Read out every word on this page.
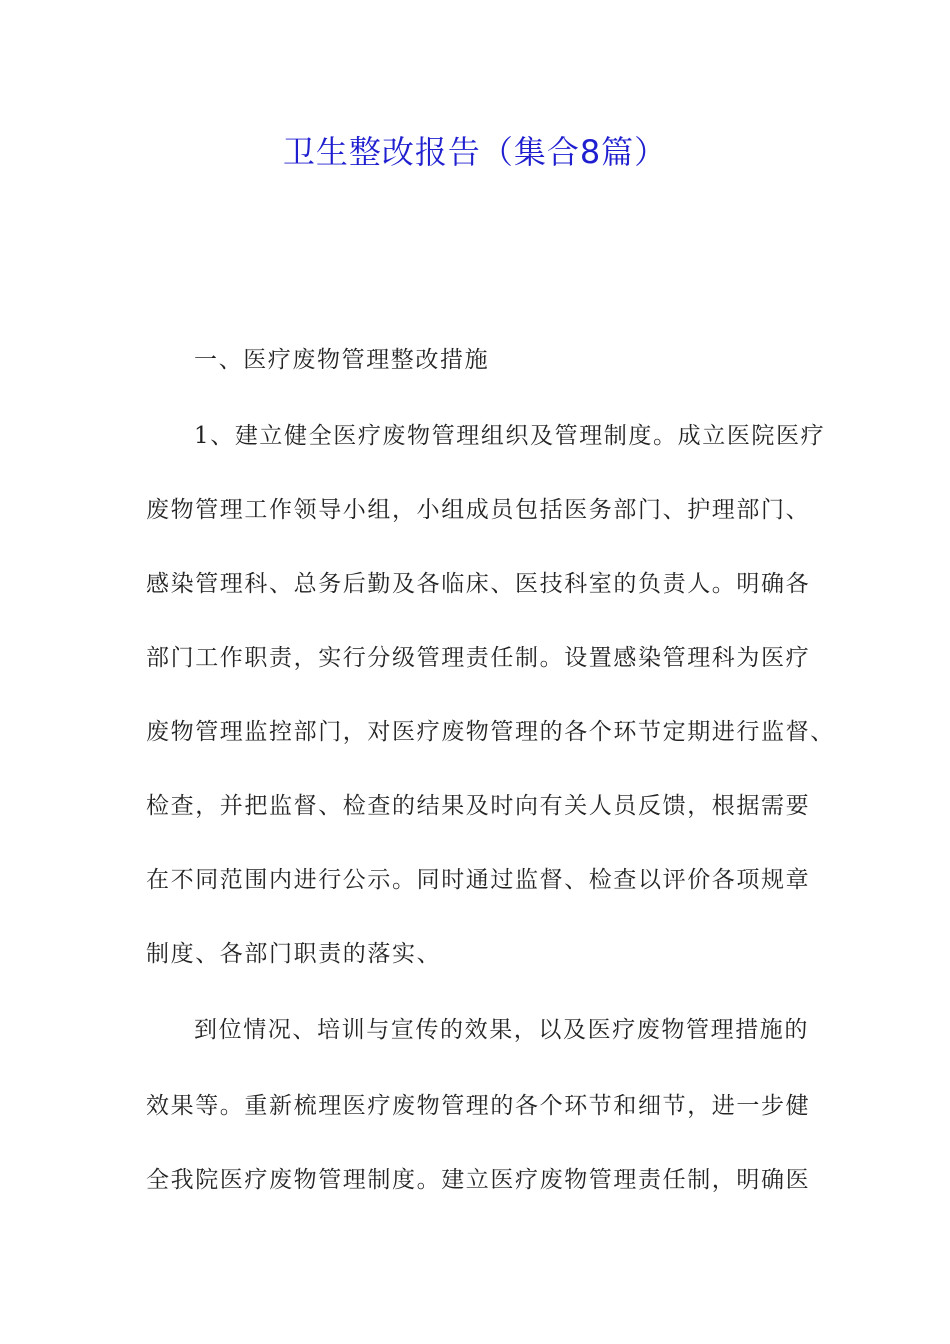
卫生整改报告（集合8篇）
一、医疗废物管理整改措施
1、建立健全医疗废物管理组织及管理制度。成立医院医疗
废物管理工作领导小组，小组成员包括医务部门、护理部门、
感染管理科、总务后勤及各临床、医技科室的负责人。明确各
部门工作职责，实行分级管理责任制。设置感染管理科为医疗
废物管理监控部门，对医疗废物管理的各个环节定期进行监督、
检查，并把监督、检查的结果及时向有关人员反馈，根据需要
在不同范围内进行公示。同时通过监督、检查以评价各项规章
制度、各部门职责的落实、
到位情况、培训与宣传的效果，以及医疗废物管理措施的
效果等。重新梳理医疗废物管理的各个环节和细节，进一步健
全我院医疗废物管理制度。建立医疗废物管理责任制，明确医
